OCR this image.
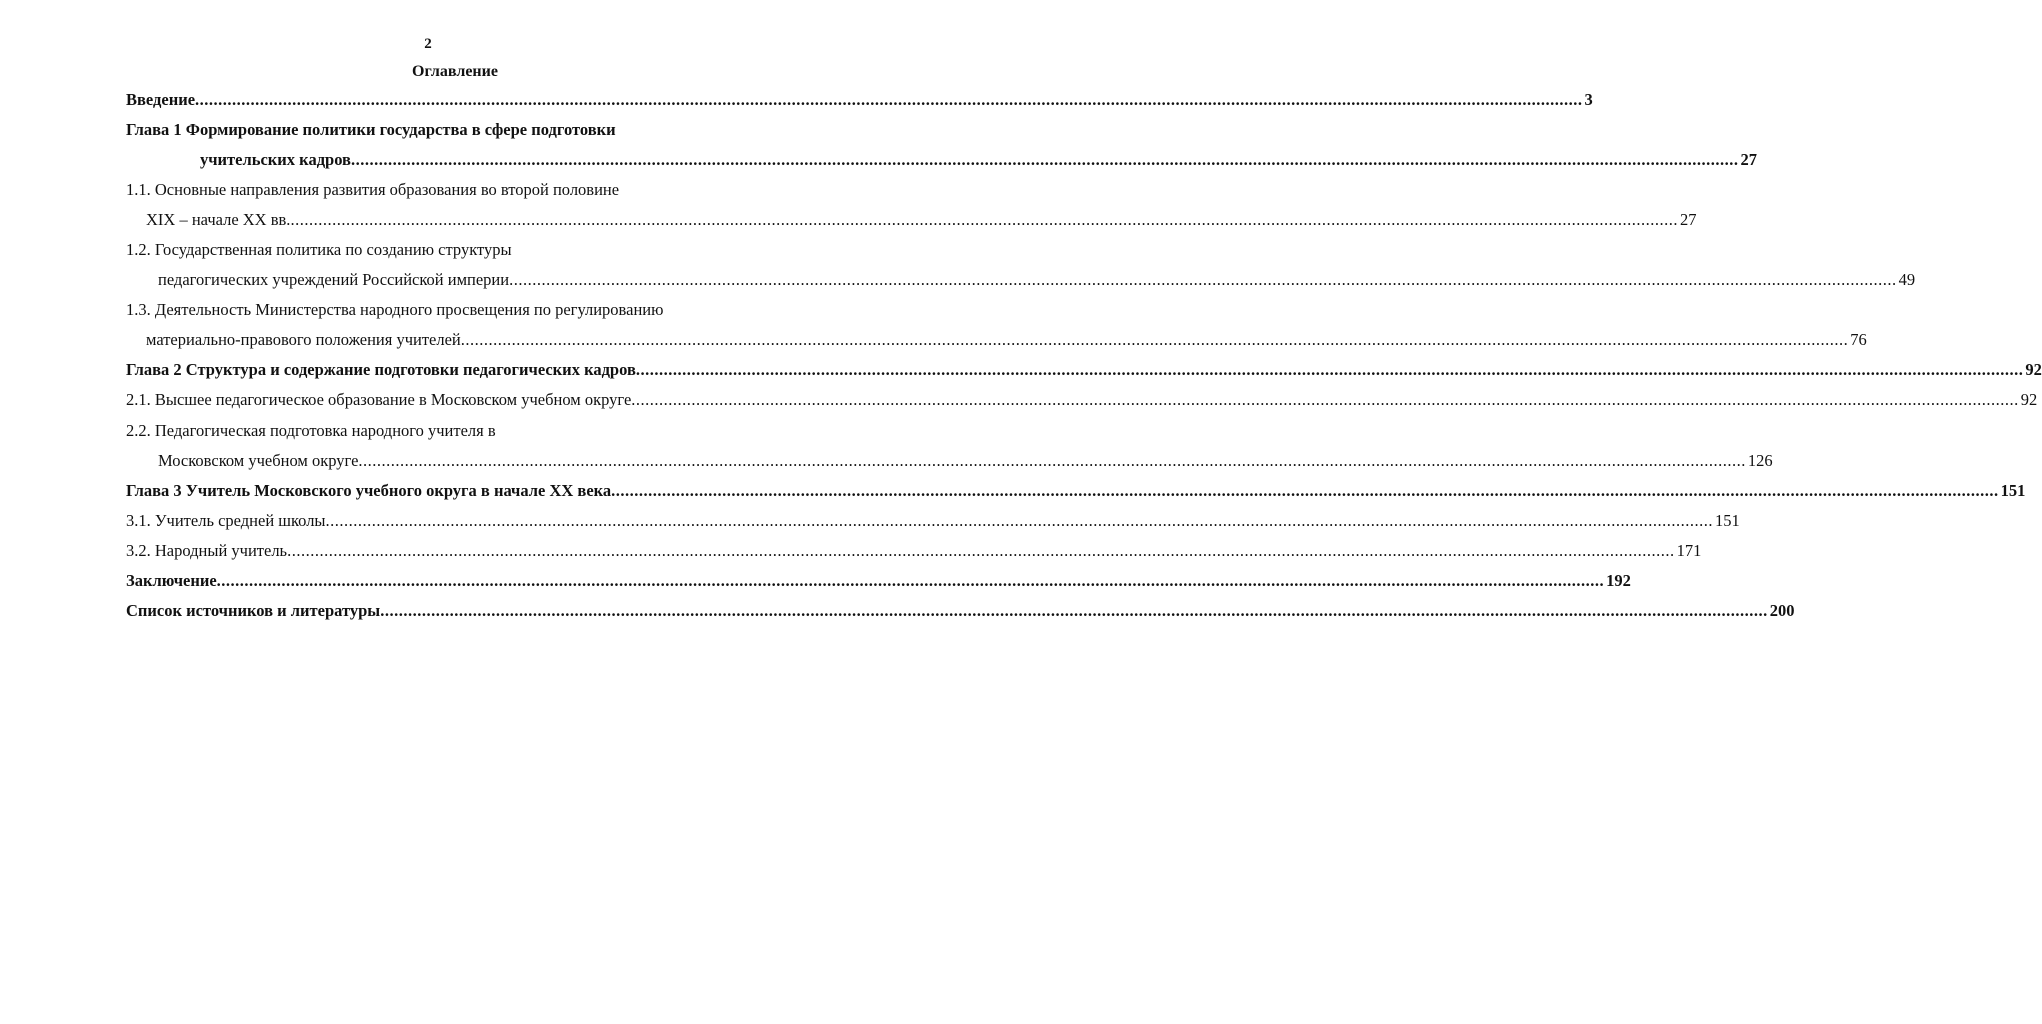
2
Оглавление
Введение ............................................................................................................................................................................................................................................................................................................ 3
Глава 1 Формирование политики государства в сфере подготовки
учительских кадров ............................................................................................................................................................................................................................................................................................................ 27
1.1. Основные направления развития образования во второй половине
XIX – начале XX вв. ............................................................................................................................................................................................................................................................................................................ 27
1.2. Государственная политика по созданию структуры
педагогических учреждений Российской империи ............................................................................................................................................................................................................................................................................................................ 49
1.3. Деятельность Министерства народного просвещения по регулированию
материально-правового положения учителей ............................................................................................................................................................................................................................................................................................................ 76
Глава 2 Структура и содержание подготовки педагогических кадров ............................................................................................................................................................................................................................................................................................................ 92
2.1. Высшее педагогическое образование в Московском учебном округе ............................................................................................................................................................................................................................................................................................................ 92
2.2. Педагогическая подготовка народного учителя в
Московском учебном округе ............................................................................................................................................................................................................................................................................................................ 126
Глава 3 Учитель Московского учебного округа в начале XX века ............................................................................................................................................................................................................................................................................................................ 151
3.1. Учитель средней школы ............................................................................................................................................................................................................................................................................................................ 151
3.2. Народный учитель ............................................................................................................................................................................................................................................................................................................ 171
Заключение ............................................................................................................................................................................................................................................................................................................ 192
Список источников и литературы ............................................................................................................................................................................................................................................................................................................ 200
